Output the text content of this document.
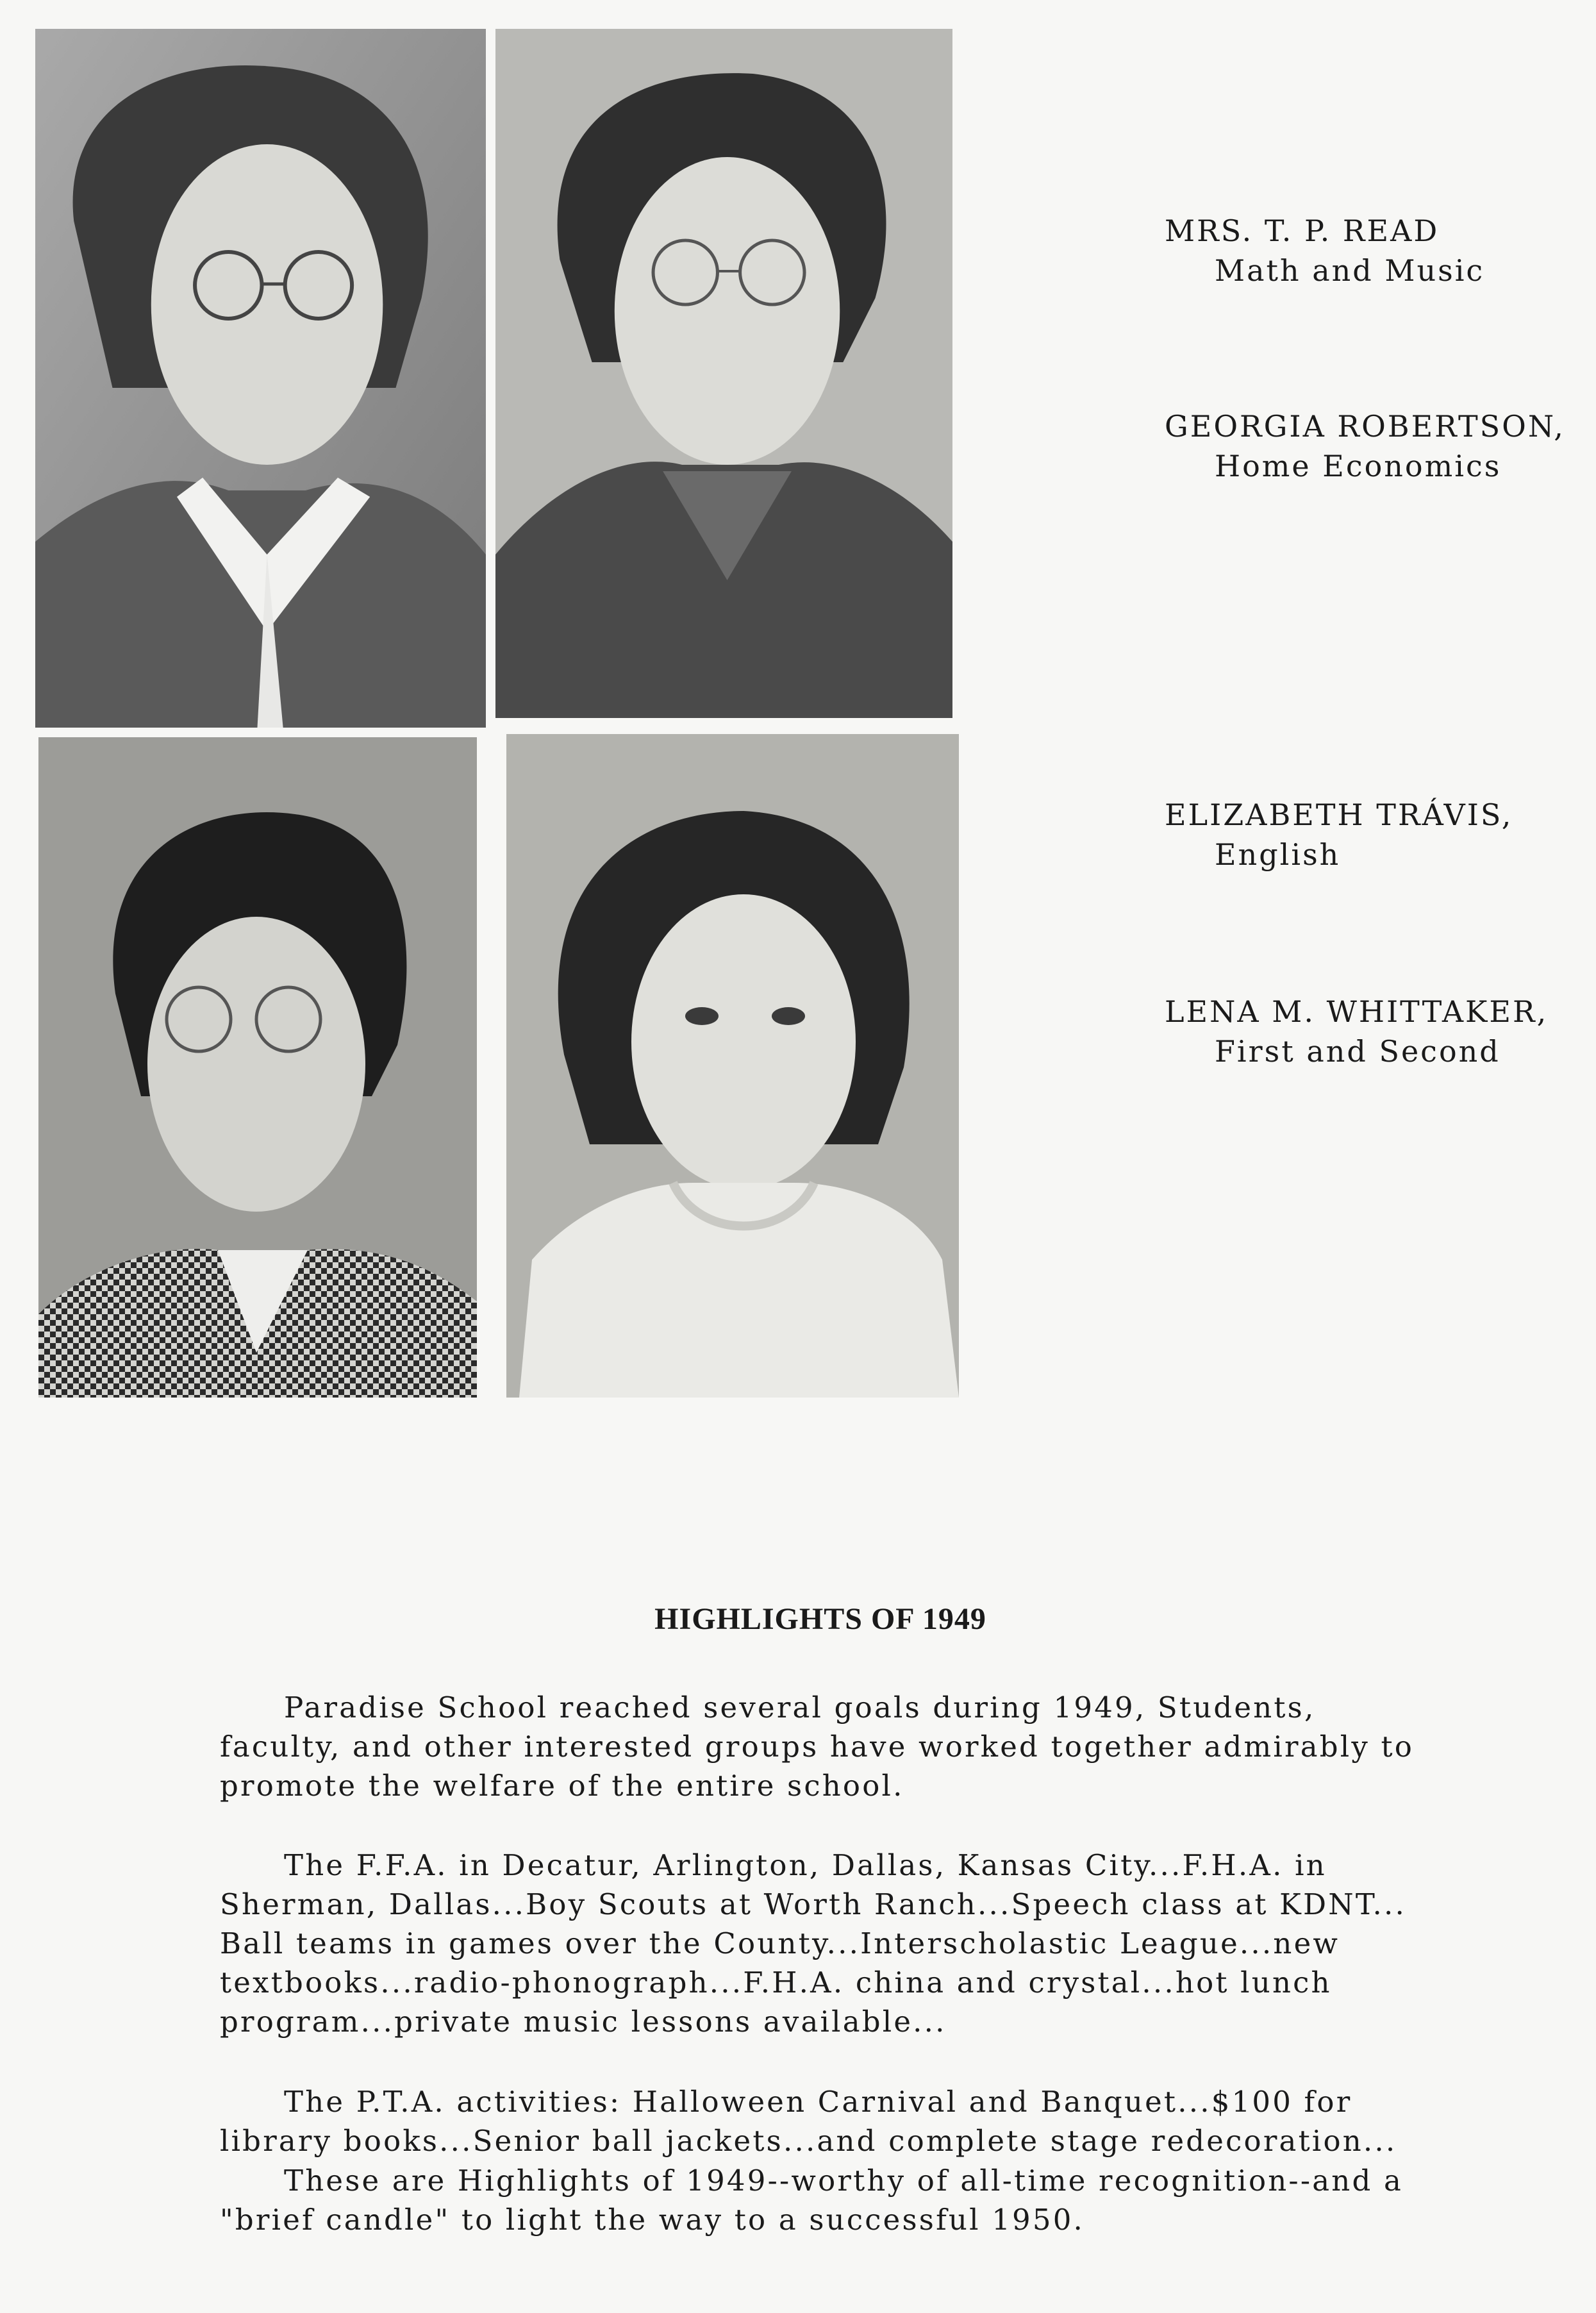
MRS. T. P. READ
Math and Music
GEORGIA ROBERTSON,
Home Economics
ELIZABETH TRÁVIS,
English
LENA M. WHITTAKER,
First and Second
HIGHLIGHTS OF 1949

Paradise School reached several goals during 1949, Students, faculty, and other interested groups have worked together admirably to promote the welfare of the entire school.

The F.F.A. in Decatur, Arlington, Dallas, Kansas City...F.H.A. in Sherman, Dallas...Boy Scouts at Worth Ranch...Speech class at KDNT... Ball teams in games over the County...Interscholastic League...new textbooks...radio-phonograph...F.H.A. china and crystal...hot lunch program...private music lessons available...

The P.T.A. activities: Halloween Carnival and Banquet...$100 for library books...Senior ball jackets...and complete stage redecoration...

These are Highlights of 1949--worthy of all-time recognition--and a "brief candle" to light the way to a successful 1950.
